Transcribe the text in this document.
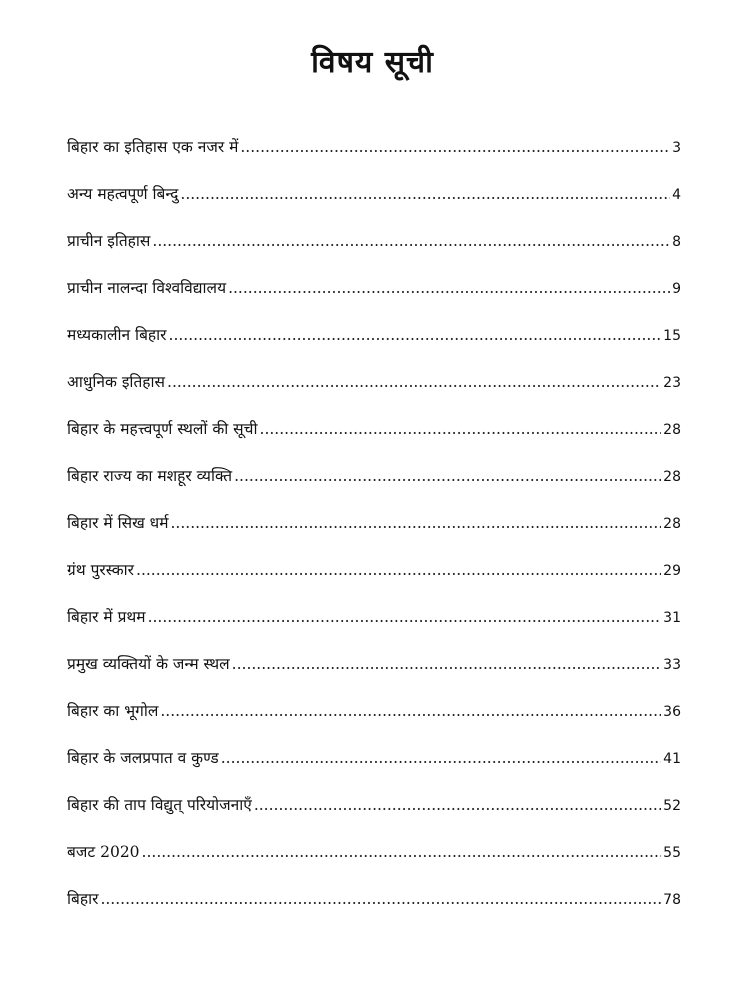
विषय सूची
बिहार का इतिहास एक नजर में .....	3
अन्य महत्वपूर्ण बिन्दु .....	4
प्राचीन इतिहास .....	8
प्राचीन नालन्दा विश्वविद्यालय .....	9
मध्यकालीन बिहार .....	15
आधुनिक इतिहास .....	23
बिहार के महत्त्वपूर्ण स्थलों की सूची .....	28
बिहार राज्य का मशहूर व्यक्ति .....	28
बिहार में सिख धर्म .....	28
ग्रंथ पुरस्कार .....	29
बिहार में प्रथम .....	31
प्रमुख व्यक्तियों के जन्म स्थल .....	33
बिहार का भूगोल .....	36
बिहार के जलप्रपात व कुण्ड .....	41
बिहार की ताप विद्युत् परियोजनाएँ .....	52
बजट 2020 .....	55
बिहार .....	78
